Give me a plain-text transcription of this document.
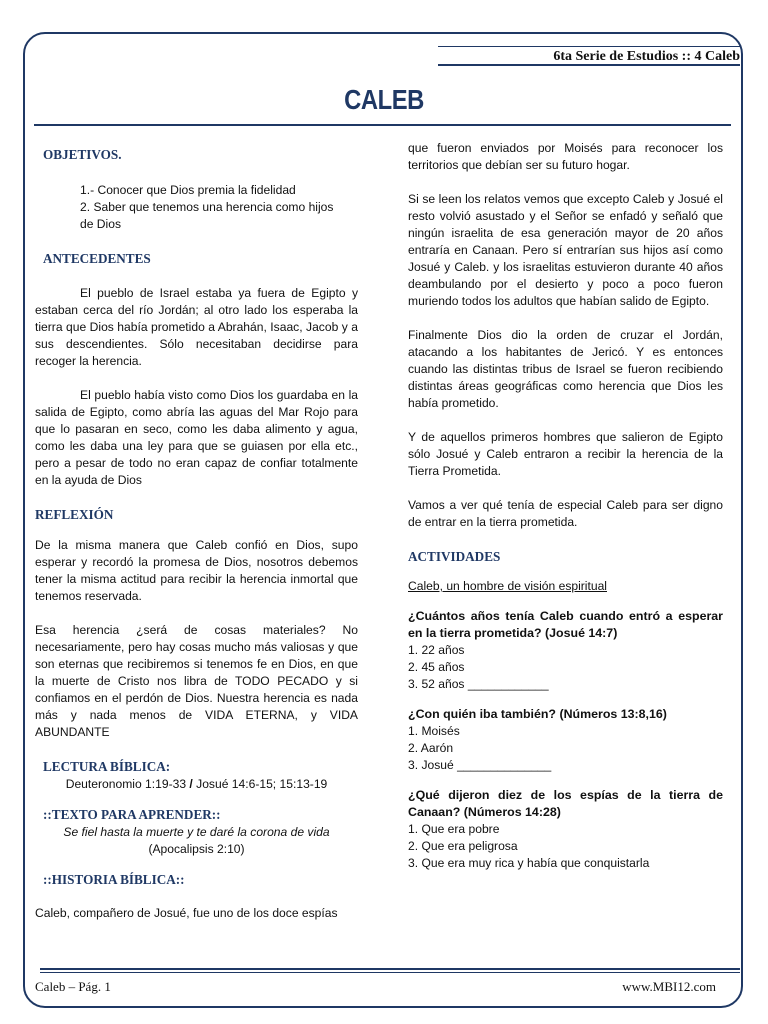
6ta Serie de Estudios :: 4 Caleb
CALEB
OBJETIVOS.

1.- Conocer que Dios premia la fidelidad

2. Saber que tenemos una herencia como hijos de Dios

ANTECEDENTES

El pueblo de Israel estaba ya fuera de Egipto y estaban cerca del río Jordán; al otro lado los esperaba la tierra que Dios había prometido a Abrahán, Isaac, Jacob y a sus descendientes. Sólo necesitaban decidirse para recoger la herencia.

El pueblo había visto como Dios los guardaba en la salida de Egipto, como abría las aguas del Mar Rojo para que lo pasaran en seco, como les daba alimento y agua, como les daba una ley para que se guiasen por ella etc., pero a pesar de todo no eran capaz de confiar totalmente en la ayuda de Dios

REFLEXIÓN

De la misma manera que Caleb confió en Dios, supo esperar y recordó la promesa de Dios, nosotros debemos tener la misma actitud para recibir la herencia inmortal que tenemos reservada.

Esa herencia ¿será de cosas materiales? No necesariamente, pero hay cosas mucho más valiosas y que son eternas que recibiremos si tenemos fe en Dios, en que la muerte de Cristo nos libra de TODO PECADO y si confiamos en el perdón de Dios. Nuestra herencia es nada más y nada menos de VIDA ETERNA, y VIDA ABUNDANTE

LECTURA BÍBLICA:
Deuteronomio 1:19-33 / Josué 14:6-15; 15:13-19
::TEXTO PARA APRENDER::
Se fiel hasta la muerte y te daré la corona de vida
(Apocalipsis 2:10)
::HISTORIA BÍBLICA::

Caleb, compañero de Josué, fue uno de los doce espías

que fueron enviados por Moisés para reconocer los territorios que debían ser su futuro hogar.

Si se leen los relatos vemos que excepto Caleb y Josué el resto volvió asustado y el Señor se enfadó y señaló que ningún israelita de esa generación mayor de 20 años entraría en Canaan. Pero sí entrarían sus hijos así como Josué y Caleb. y los israelitas estuvieron durante 40 años deambulando por el desierto y poco a poco fueron muriendo todos los adultos que habían salido de Egipto.

Finalmente Dios dio la orden de cruzar el Jordán, atacando a los habitantes de Jericó. Y es entonces cuando las distintas tribus de Israel se fueron recibiendo distintas áreas geográficas como herencia que Dios les había prometido.

Y de aquellos primeros hombres que salieron de Egipto sólo Josué y Caleb entraron a recibir la herencia de la Tierra Prometida.

Vamos a ver qué tenía de especial Caleb para ser digno de entrar en la tierra prometida.

ACTIVIDADES
Caleb, un hombre de visión espiritual

¿Cuántos años tenía Caleb cuando entró a esperar en la tierra prometida? (Josué 14:7)

1. 22 años
2. 45 años
3. 52 años ____________

¿Con quién iba también? (Números 13:8,16)

1. Moisés
2. Aarón
3. Josué ______________

¿Qué dijeron diez de los espías de la tierra de Canaan? (Números 14:28)

1. Que era pobre
2. Que era peligrosa
3. Que era muy rica y había que conquistarla
Caleb – Pág. 1	www.MBI12.com
